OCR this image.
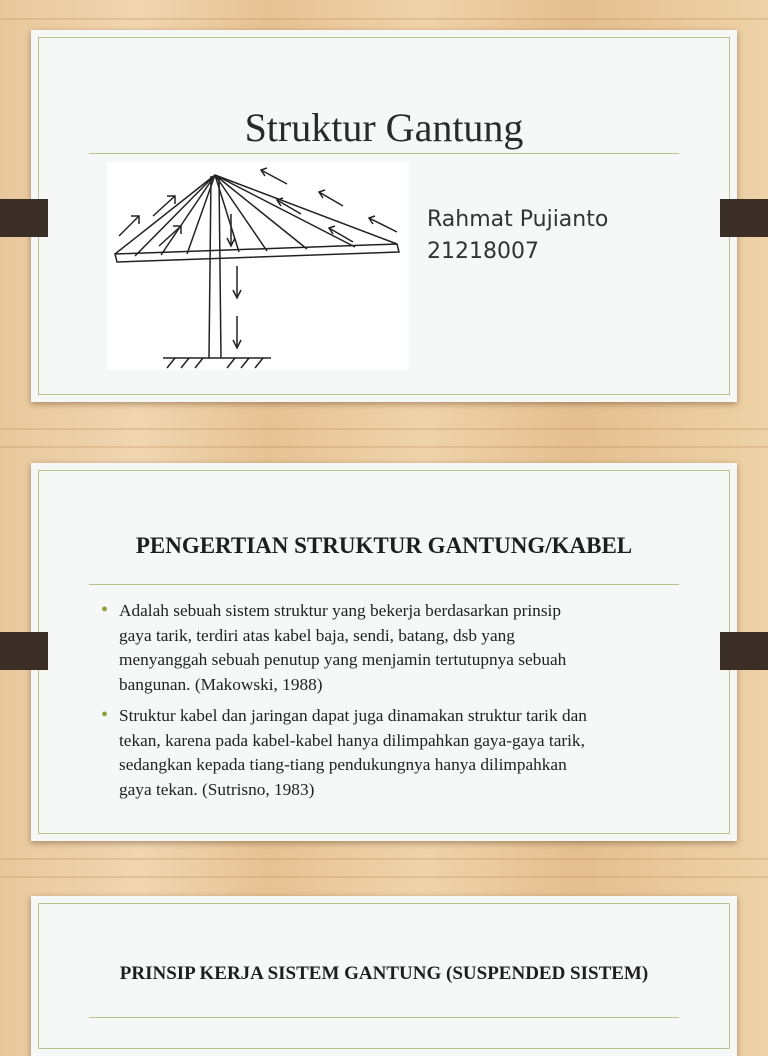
Struktur Gantung
Rahmat Pujianto
21218007
PENGERTIAN STRUKTUR GANTUNG/KABEL
• Adalah sebuah sistem struktur yang bekerja berdasarkan prinsip
gaya tarik, terdiri atas kabel baja, sendi, batang, dsb yang
menyanggah sebuah penutup yang menjamin tertutupnya sebuah
bangunan. (Makowski, 1988)
• Struktur kabel dan jaringan dapat juga dinamakan struktur tarik dan
tekan, karena pada kabel-kabel hanya dilimpahkan gaya-gaya tarik,
sedangkan kepada tiang-tiang pendukungnya hanya dilimpahkan
gaya tekan. (Sutrisno, 1983)
PRINSIP KERJA SISTEM GANTUNG (SUSPENDED SISTEM)
